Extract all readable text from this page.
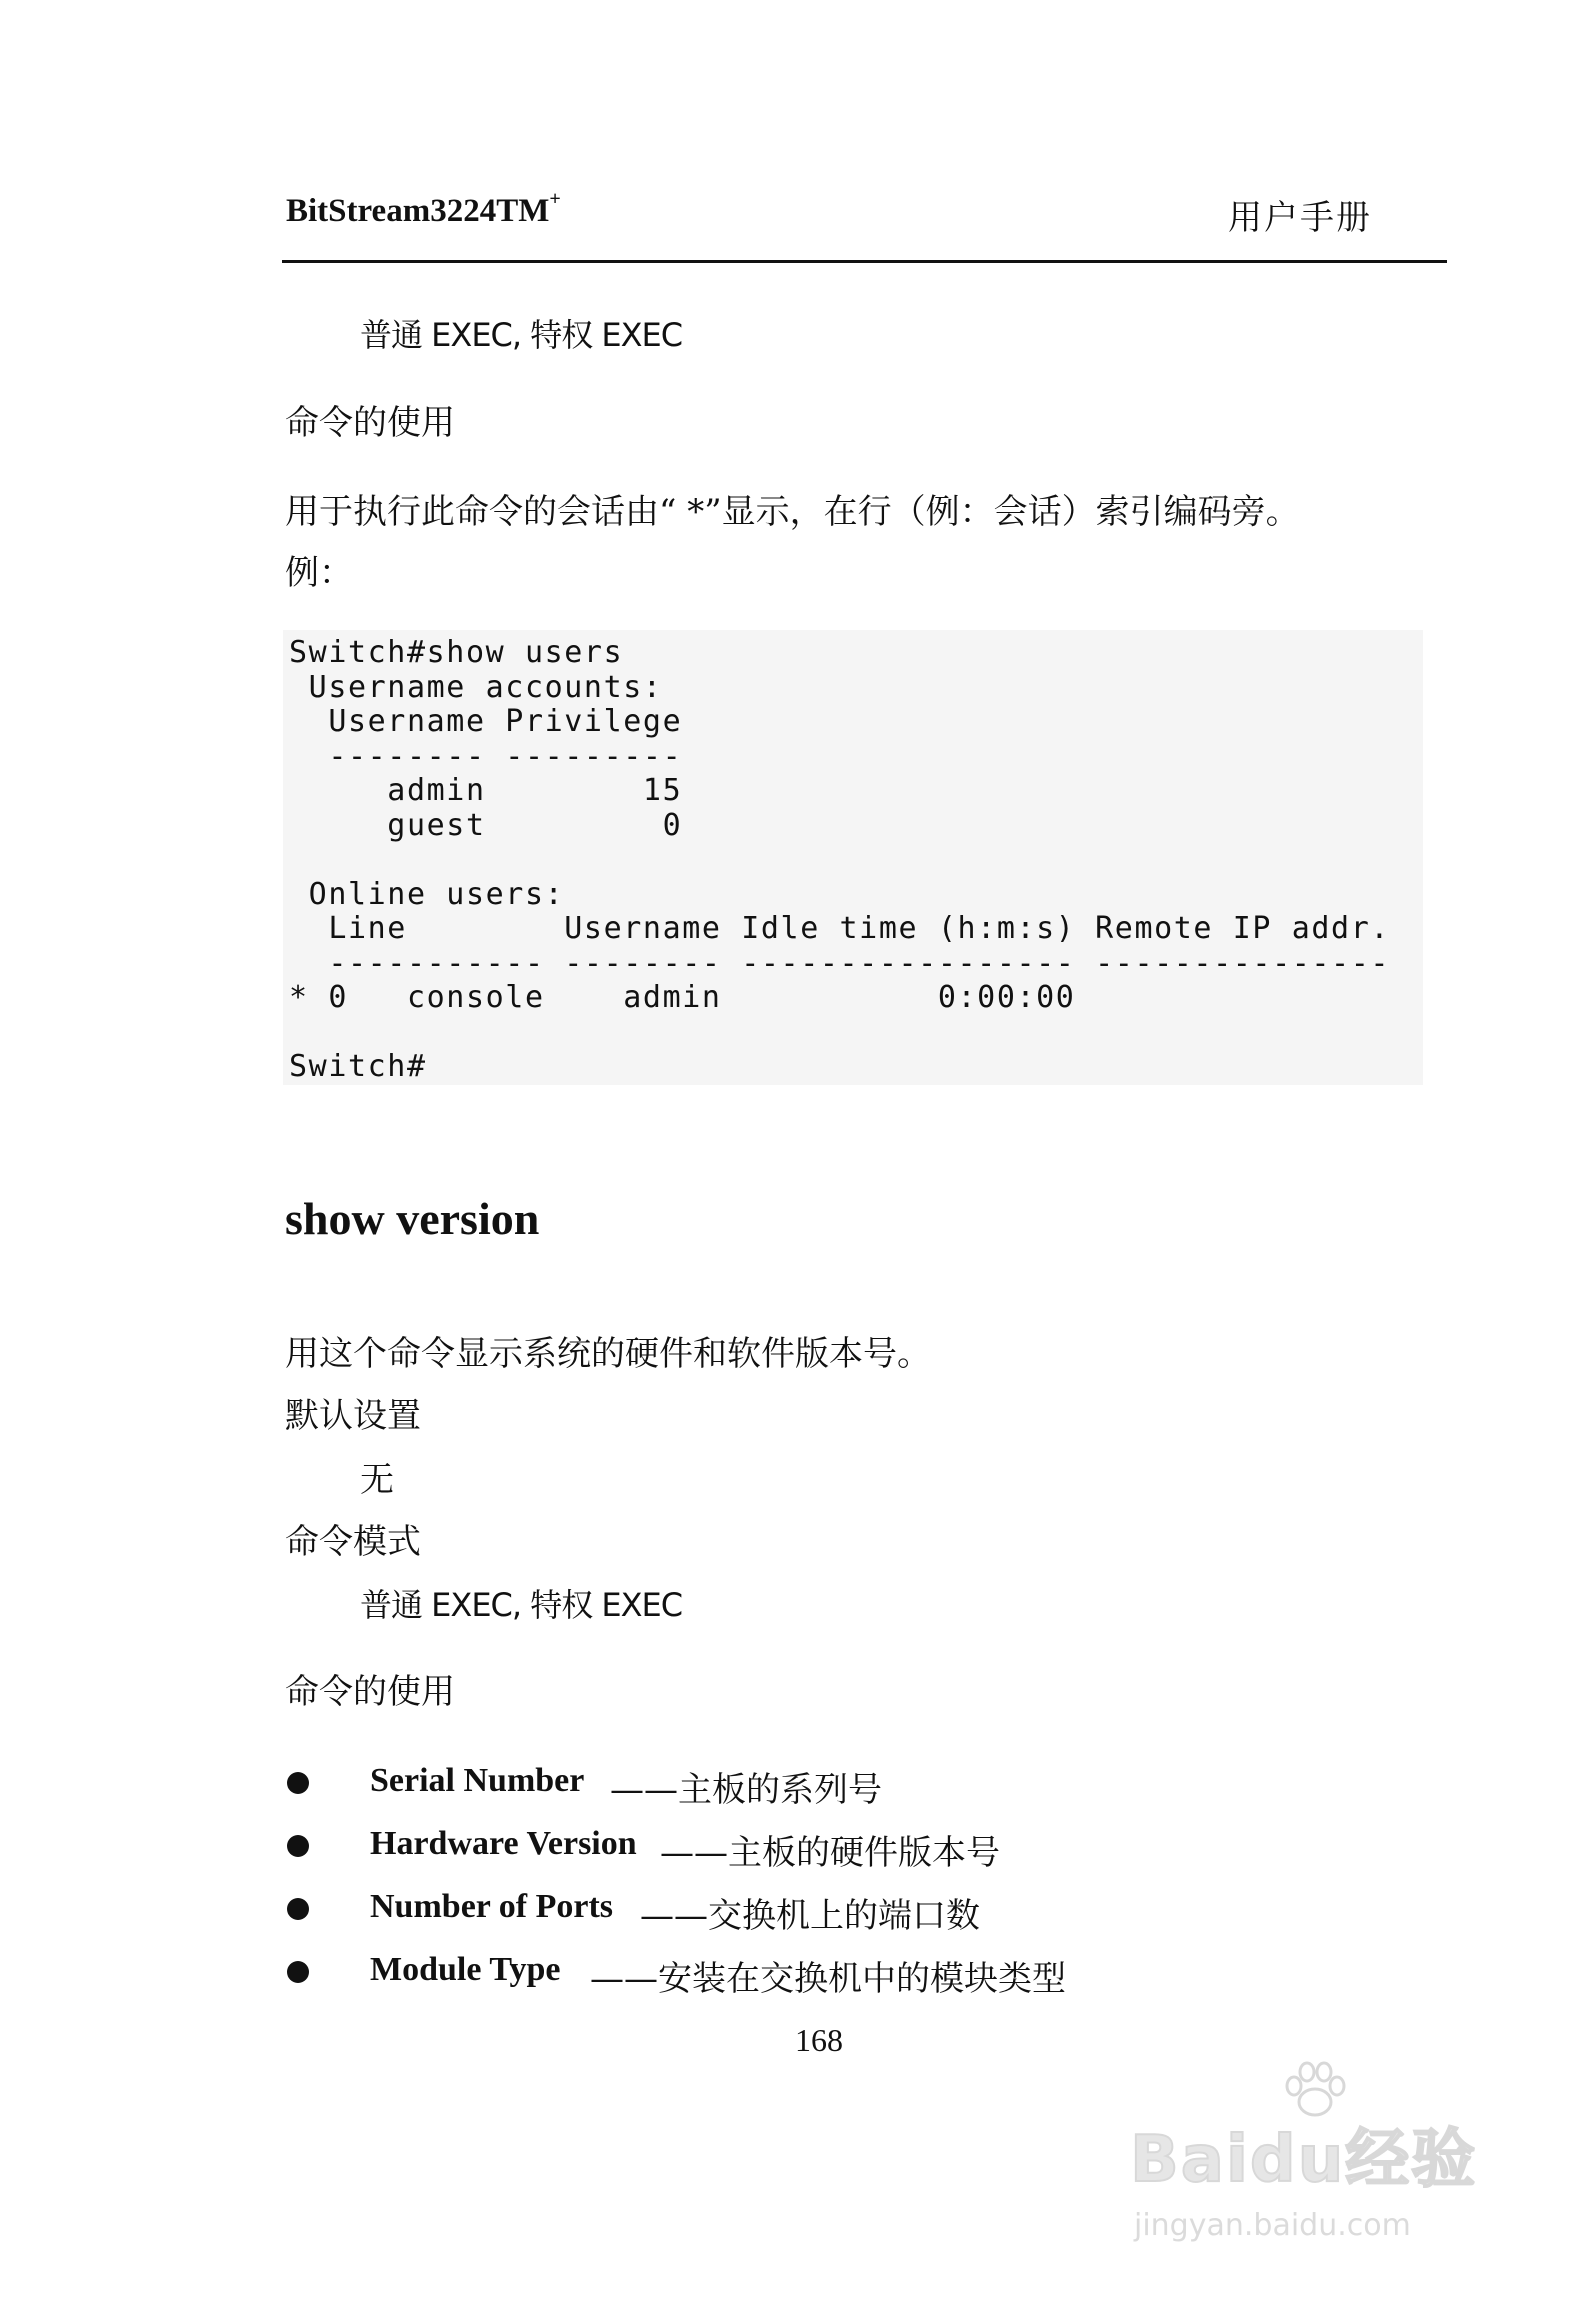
BitStream3224TM+	用户手册
普通 EXEC, 特权 EXEC
命令的使用
用于执行此命令的会话由“ *”显示，在行（例：会话）索引编码旁。
例：
Switch#show users
Username accounts:
Username Privilege
-------- ---------
admin        15
guest         0

Online users:
Line        Username Idle time (h:m:s) Remote IP addr.
----------- -------- ----------------- ---------------
* 0   console    admin           0:00:00

Switch#
show version
用这个命令显示系统的硬件和软件版本号。
默认设置
无
命令模式
普通 EXEC, 特权 EXEC
命令的使用
Serial Number ——主板的系列号
Hardware Version ——主板的硬件版本号
Number of Ports ——交换机上的端口数
Module Type ——安装在交换机中的模块类型
168
Baidu经验
jingyan.baidu.com
